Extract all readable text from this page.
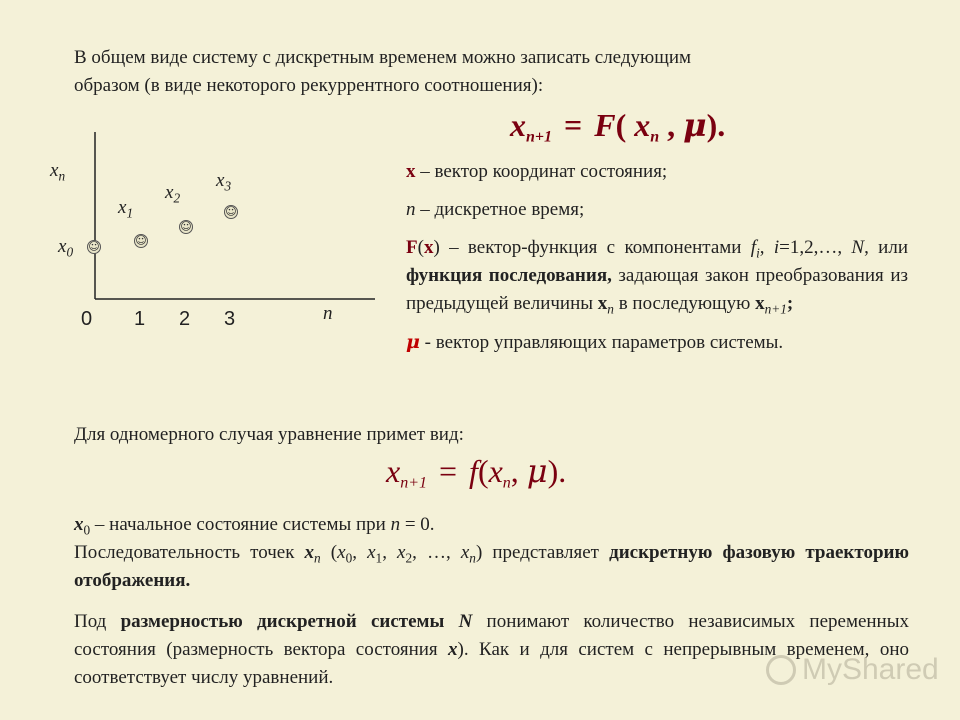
В общем виде систему с дискретным временем можно записать следующим
образом (в виде некоторого рекуррентного соотношения):
$x_{n+1} = F$( $x_n$ , μ).
$x_n$
n
0 1 2 3
$x_0$
$x_1$
$x_2$
$x_3$
☺	☺
☺
☺
x – вектор координат состояния;
n – дискретное время;
F(x) – вектор-функция с компонентами $f_i$, i=1,2,…, N, или функция последования, задающая закон преобразования из предыдущей величины $x_n$ в последующую $x_{n+1}$;
μ - вектор управляющих параметров системы.
Для одномерного случая уравнение примет вид:
$x_{n+1} = f(x_n$, μ).
$x_0$ – начальное состояние системы при n = 0.
Последовательность точек $x_n$ ($x_0$, $x_1$, $x_2$, …, $x_n$) представляет дискретную фазовую траекторию отображения.
Под размерностью дискретной системы N понимают количество независимых переменных состояния (размерность вектора состояния x). Как и для систем с непрерывным временем, оно соответствует числу уравнений.	MyShared
